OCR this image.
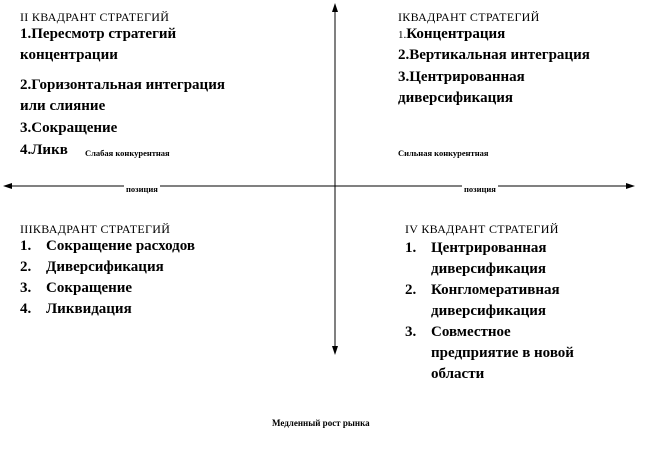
II КВАДРАНТ СТРАТЕГИЙ
1.Пересмотр стратегий
концентрации
2.Горизонтальная интеграция
или слияние
3.Сокращение
4.Ликв Слабая конкурентная
IКВАДРАНТ СТРАТЕГИЙ
1.Концентрация
2.Вертикальная интеграция
3.Центрированная
диверсификация
Сильная конкурентная
позиция	позиция
IIIКВАДРАНТ СТРАТЕГИЙ
1. Сокращение расходов
2. Диверсификация
3. Сокращение
4. Ликвидация
IV КВАДРАНТ СТРАТЕГИЙ
1. Центрированная
диверсификация
2. Конгломеративная
диверсификация
3. Совместное
предприятие в новой
области
Медленный рост рынка
